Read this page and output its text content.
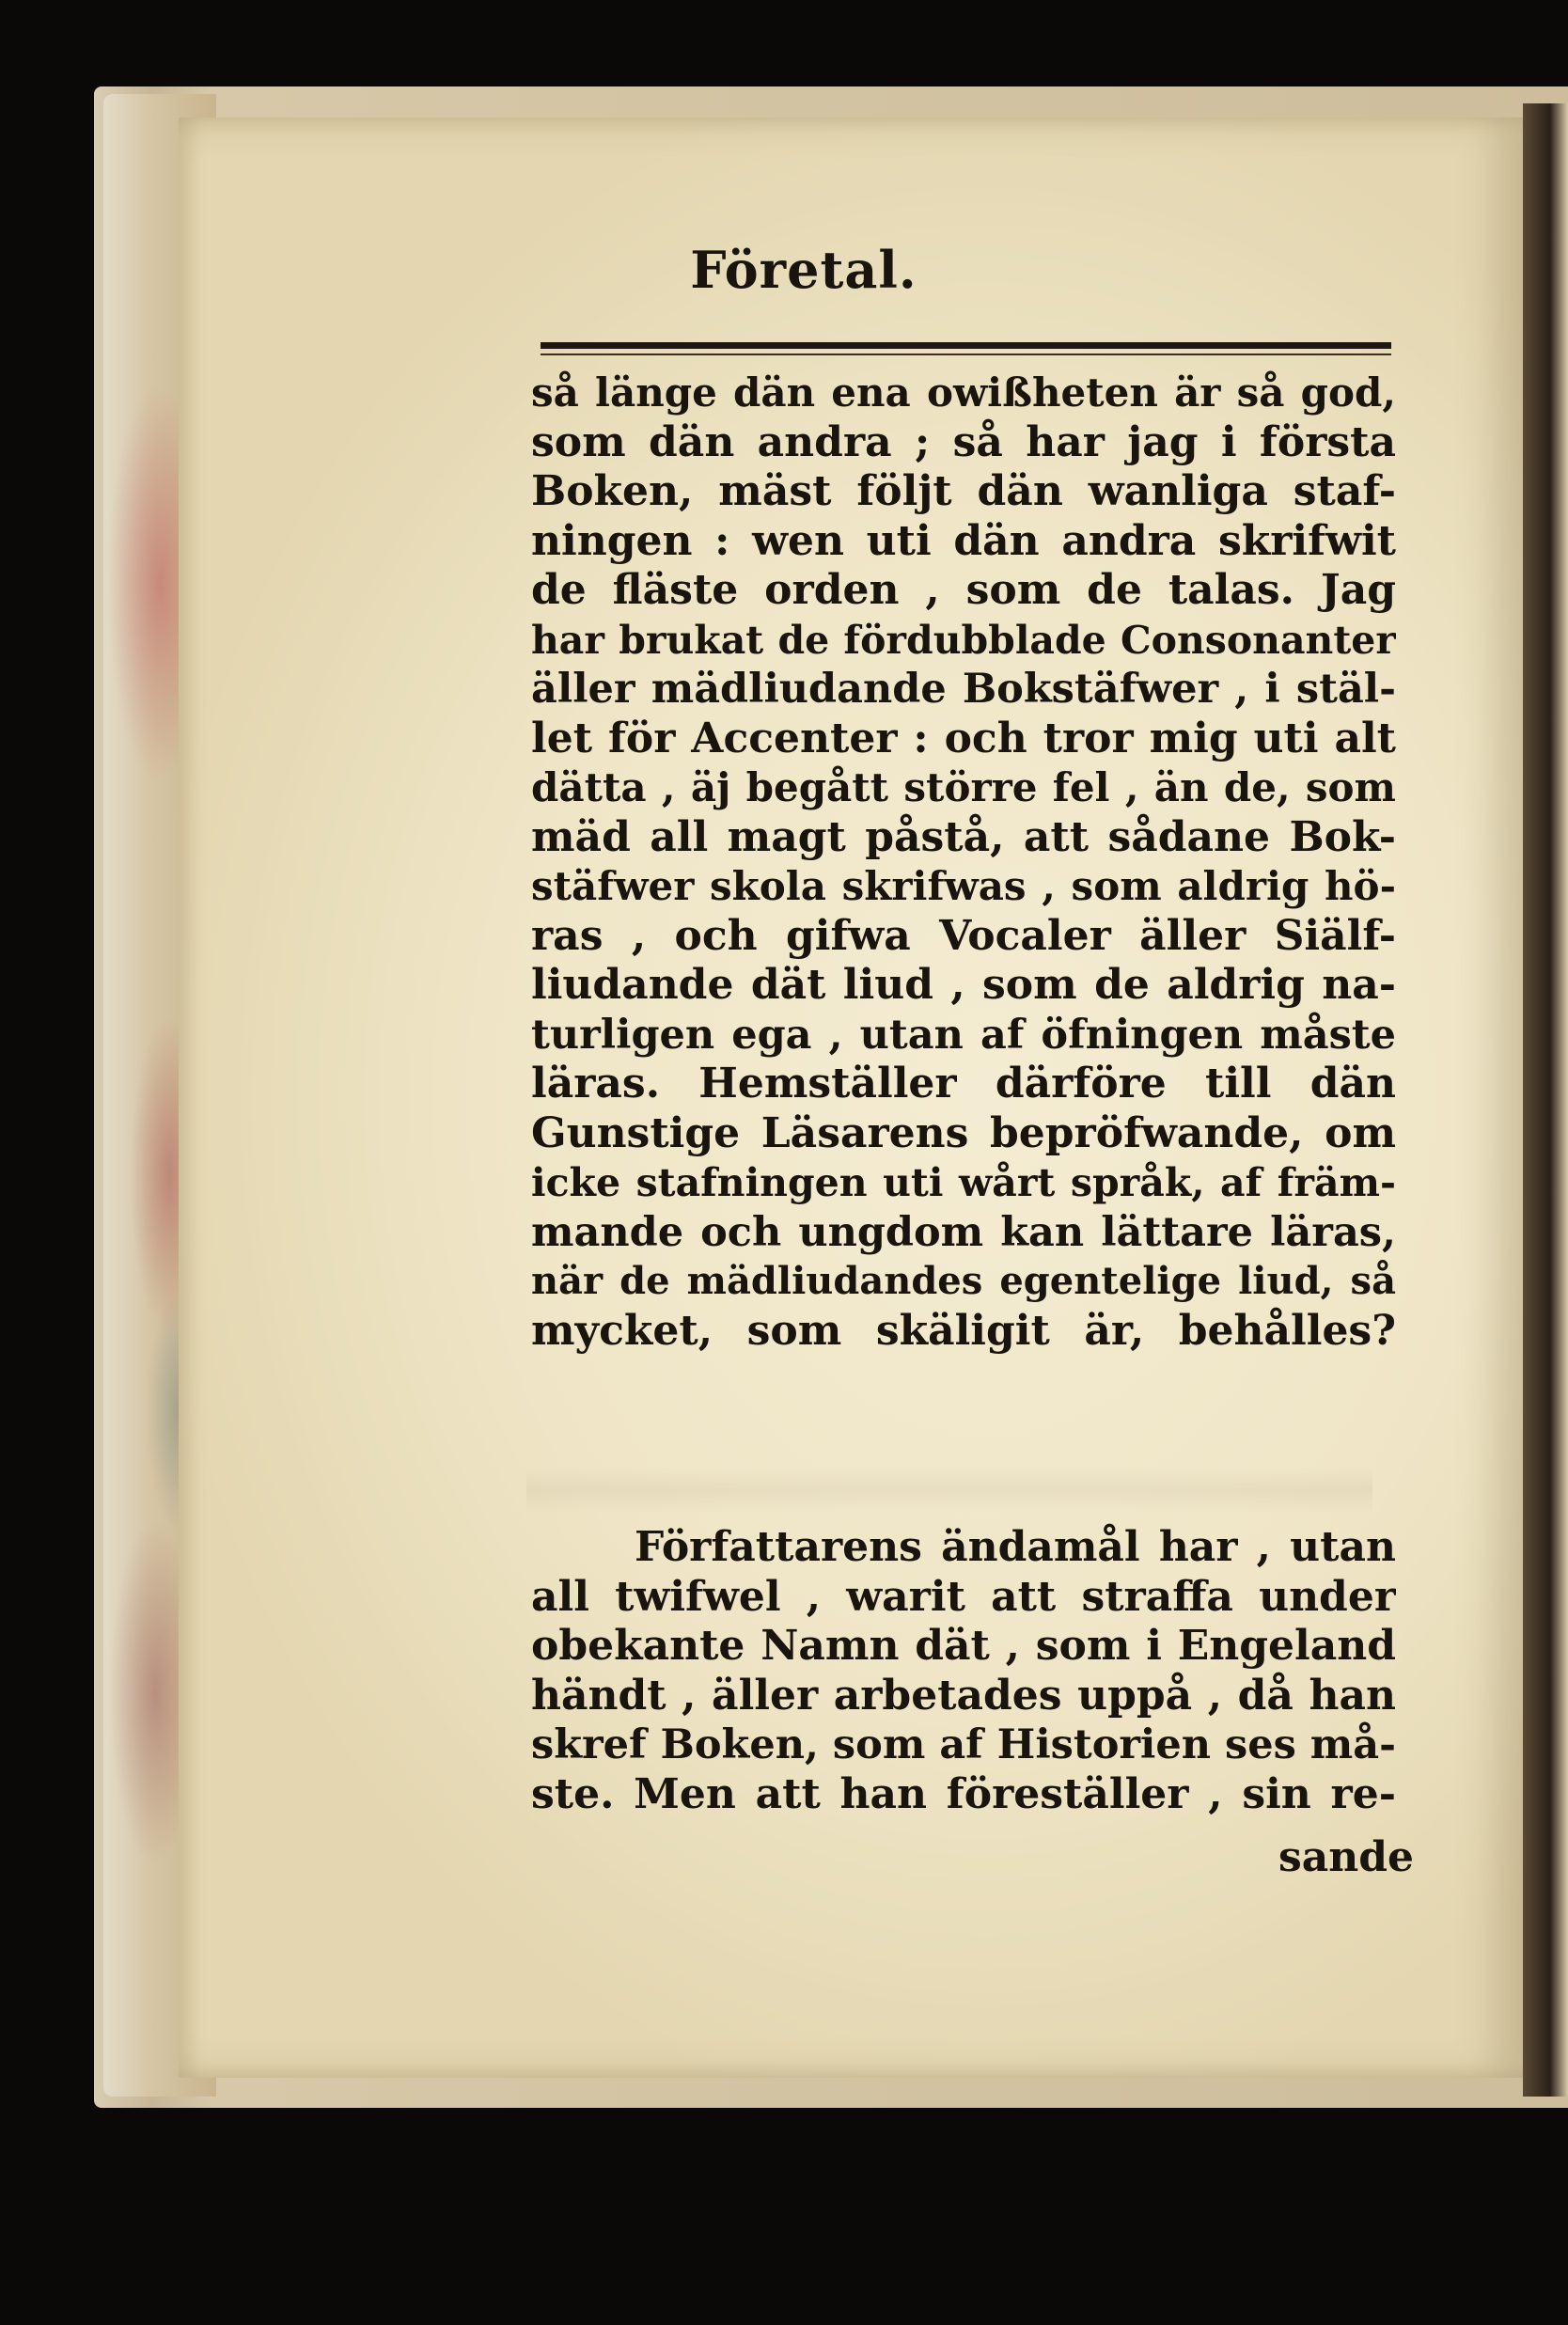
Företal.
så länge dän ena owißheten är så god,
som dän andra ; så har jag i första
Boken, mäst följt dän wanliga staf-
ningen : wen uti dän andra skrifwit
de fläste orden , som de talas. Jag
har brukat de fördubblade Consonanter
äller mädliudande Bokstäfwer , i stäl-
let för Accenter : och tror mig uti alt
dätta , äj begått större fel , än de, som
mäd all magt påstå, att sådane Bok-
stäfwer skola skrifwas , som aldrig hö-
ras , och gifwa Vocaler äller Siälf-
liudande dät liud , som de aldrig na-
turligen ega , utan af öfningen måste
läras. Hemställer därföre till dän
Gunstige Läsarens bepröfwande, om
icke stafningen uti wårt språk, af främ-
mande och ungdom kan lättare läras,
när de mädliudandes egentelige liud, så
mycket, som skäligit är, behålles?
Författarens ändamål har , utan
all twifwel , warit att straffa under
obekante Namn dät , som i Engeland
händt , äller arbetades uppå , då han
skref Boken, som af Historien ses må-
ste. Men att han föreställer , sin re-
sande
